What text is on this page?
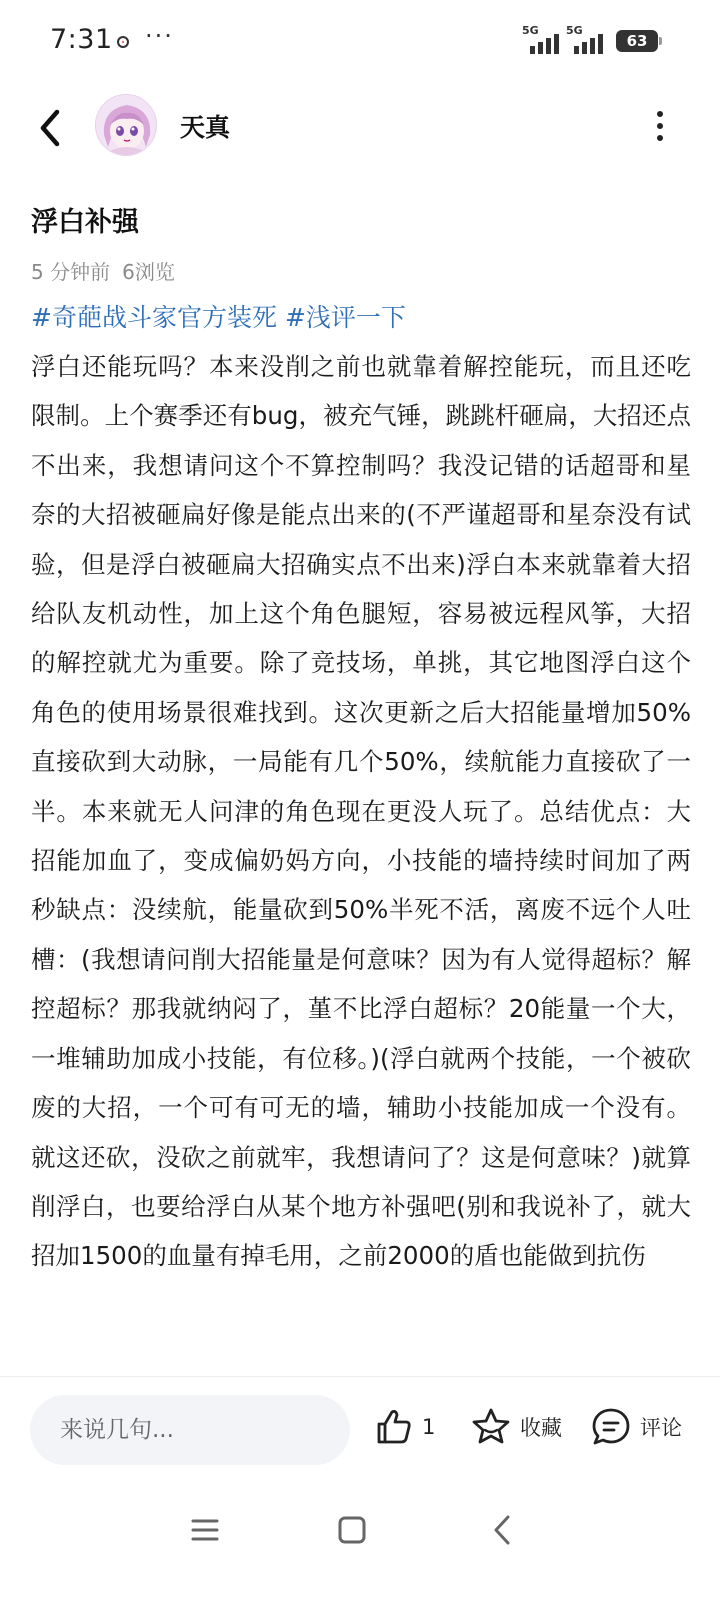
7:31 ···	5G 5G
63
天真
浮白补强
5 分钟前 6浏览
#奇葩战斗家官方装死 #浅评一下
浮白还能玩吗？本来没削之前也就靠着解控能玩，而且还吃限制。上个赛季还有bug，被充气锤，跳跳杆砸扁，大招还点不出来，我想请问这个不算控制吗？我没记错的话超哥和星奈的大招被砸扁好像是能点出来的(不严谨超哥和星奈没有试验，但是浮白被砸扁大招确实点不出来)浮白本来就靠着大招给队友机动性，加上这个角色腿短，容易被远程风筝，大招的解控就尤为重要。除了竞技场，单挑，其它地图浮白这个角色的使用场景很难找到。这次更新之后大招能量增加50%直接砍到大动脉，一局能有几个50%，续航能力直接砍了一半。本来就无人问津的角色现在更没人玩了。总结优点：大招能加血了，变成偏奶妈方向，小技能的墙持续时间加了两秒缺点：没续航，能量砍到50%半死不活，离废不远个人吐槽：(我想请问削大招能量是何意味？因为有人觉得超标？解控超标？那我就纳闷了，堇不比浮白超标？20能量一个大，一堆辅助加成小技能，有位移。)(浮白就两个技能，一个被砍废的大招，一个可有可无的墙，辅助小技能加成一个没有。就这还砍，没砍之前就牢，我想请问了？这是何意味？)就算削浮白，也要给浮白从某个地方补强吧(别和我说补了，就大招加1500的血量有掉毛用，之前2000的盾也能做到抗伤
来说几句...	1	收藏	评论
